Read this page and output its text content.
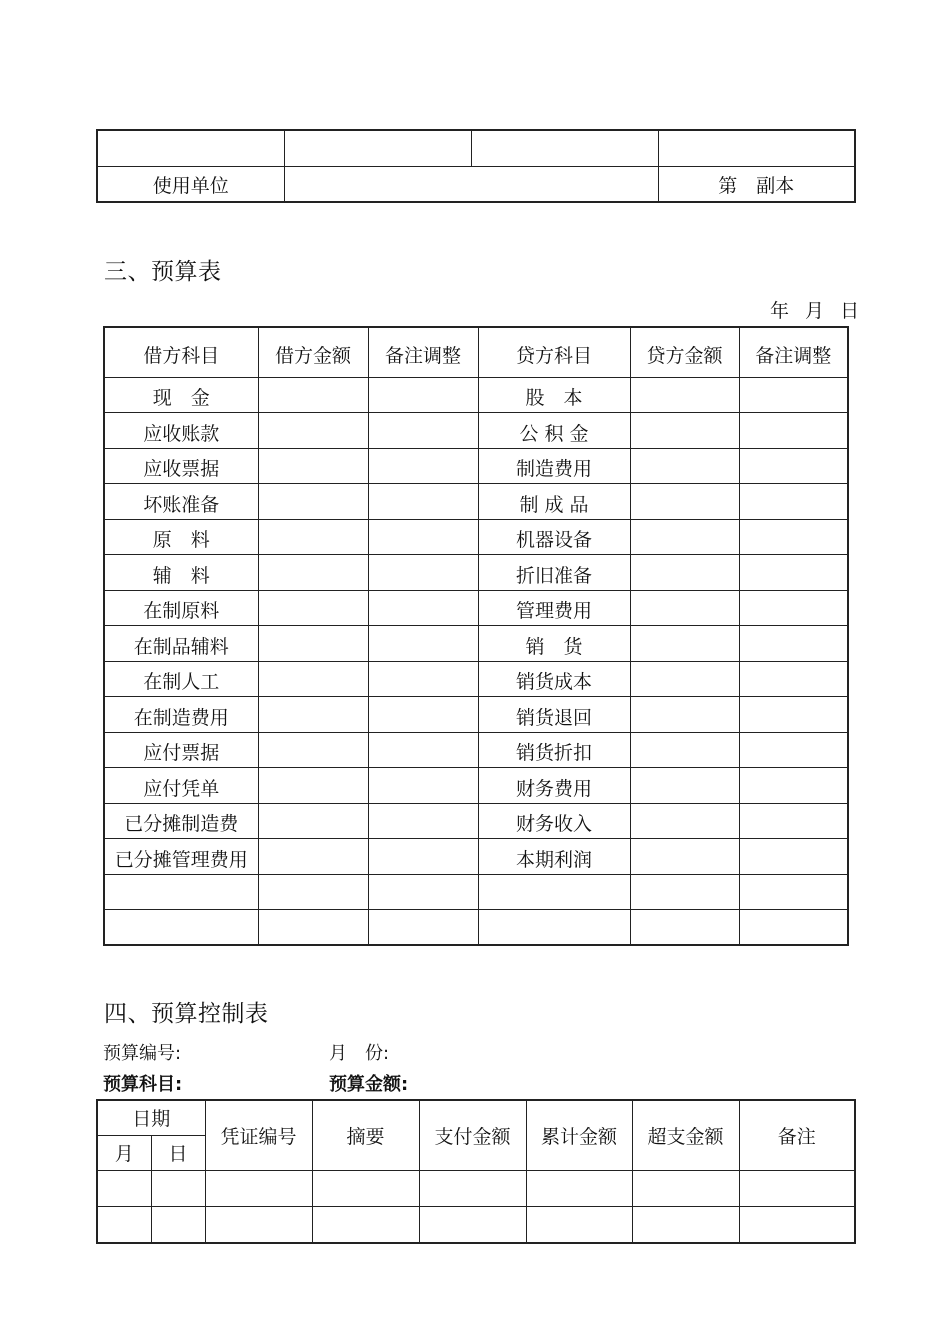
使用单位			第　副本
三、预算表
年 月 日
借方科目	借方金额	备注调整	贷方科目	贷方金额	备注调整
现　金			股　本		
应收账款			公 积 金		
应收票据			制造费用		
坏账准备			制 成 品		
原　料			机器设备		
辅　料			折旧准备		
在制原料			管理费用		
在制品辅料			销　货		
在制人工			销货成本		
在制造费用			销货退回		
应付票据			销货折扣		
应付凭单			财务费用		
已分摊制造费			财务收入		
已分摊管理费用			本期利润		

四、预算控制表
预算编号:	月　份:
预算科目:	预算金额:
日期		凭证编号	摘要	支付金额	累计金额	超支金额	备注
月	日						
